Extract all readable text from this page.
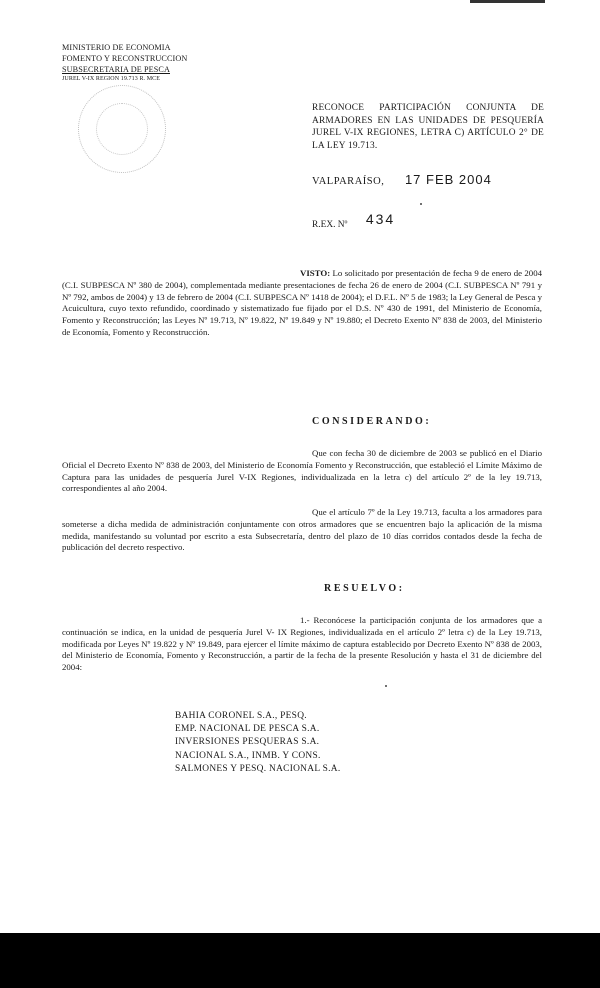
MINISTERIO DE ECONOMIA
FOMENTO Y RECONSTRUCCION
SUBSECRETARIA DE PESCA
JUREL V-IX REGION 19.713 R. MCE
RECONOCE PARTICIPACIÓN CONJUNTA DE ARMADORES EN LAS UNIDADES DE PESQUERÍA JUREL V-IX REGIONES, LETRA C) ARTÍCULO 2° DE LA LEY 19.713.
VALPARAÍSO, 17 FEB 2004
R.EX. Nº 434
VISTO: Lo solicitado por presentación de fecha 9 de enero de 2004 (C.I. SUBPESCA Nº 380 de 2004), complementada mediante presentaciones de fecha 26 de enero de 2004 (C.I. SUBPESCA Nº 791 y Nº 792, ambos de 2004) y 13 de febrero de 2004 (C.I. SUBPESCA Nº 1418 de 2004); el D.F.L. Nº 5 de 1983; la Ley General de Pesca y Acuicultura, cuyo texto refundido, coordinado y sistematizado fue fijado por el D.S. Nº 430 de 1991, del Ministerio de Economía, Fomento y Reconstrucción; las Leyes Nº 19.713, Nº 19.822, Nº 19.849 y Nº 19.880; el Decreto Exento Nº 838 de 2003, del Ministerio de Economía, Fomento y Reconstrucción.
CONSIDERANDO:
Que con fecha 30 de diciembre de 2003 se publicó en el Diario Oficial el Decreto Exento Nº 838 de 2003, del Ministerio de Economía Fomento y Reconstrucción, que estableció el Límite Máximo de Captura para las unidades de pesquería Jurel V-IX Regiones, individualizada en la letra c) del artículo 2º de la ley 19.713, correspondientes al año 2004.
Que el artículo 7º de la Ley 19.713, faculta a los armadores para someterse a dicha medida de administración conjuntamente con otros armadores que se encuentren bajo la aplicación de la misma medida, manifestando su voluntad por escrito a esta Subsecretaría, dentro del plazo de 10 días corridos contados desde la fecha de publicación del decreto respectivo.
RESUELVO:
1.- Reconócese la participación conjunta de los armadores que a continuación se indica, en la unidad de pesquería Jurel V- IX Regiones, individualizada en el artículo 2º letra c) de la Ley 19.713, modificada por Leyes Nº 19.822 y Nº 19.849, para ejercer el límite máximo de captura establecido por Decreto Exento Nº 838 de 2003, del Ministerio de Economía, Fomento y Reconstrucción, a partir de la fecha de la presente Resolución y hasta el 31 de diciembre del 2004:
BAHIA CORONEL S.A., PESQ.
EMP. NACIONAL DE PESCA S.A.
INVERSIONES PESQUERAS S.A.
NACIONAL S.A., INMB. Y CONS.
SALMONES Y PESQ. NACIONAL S.A.
